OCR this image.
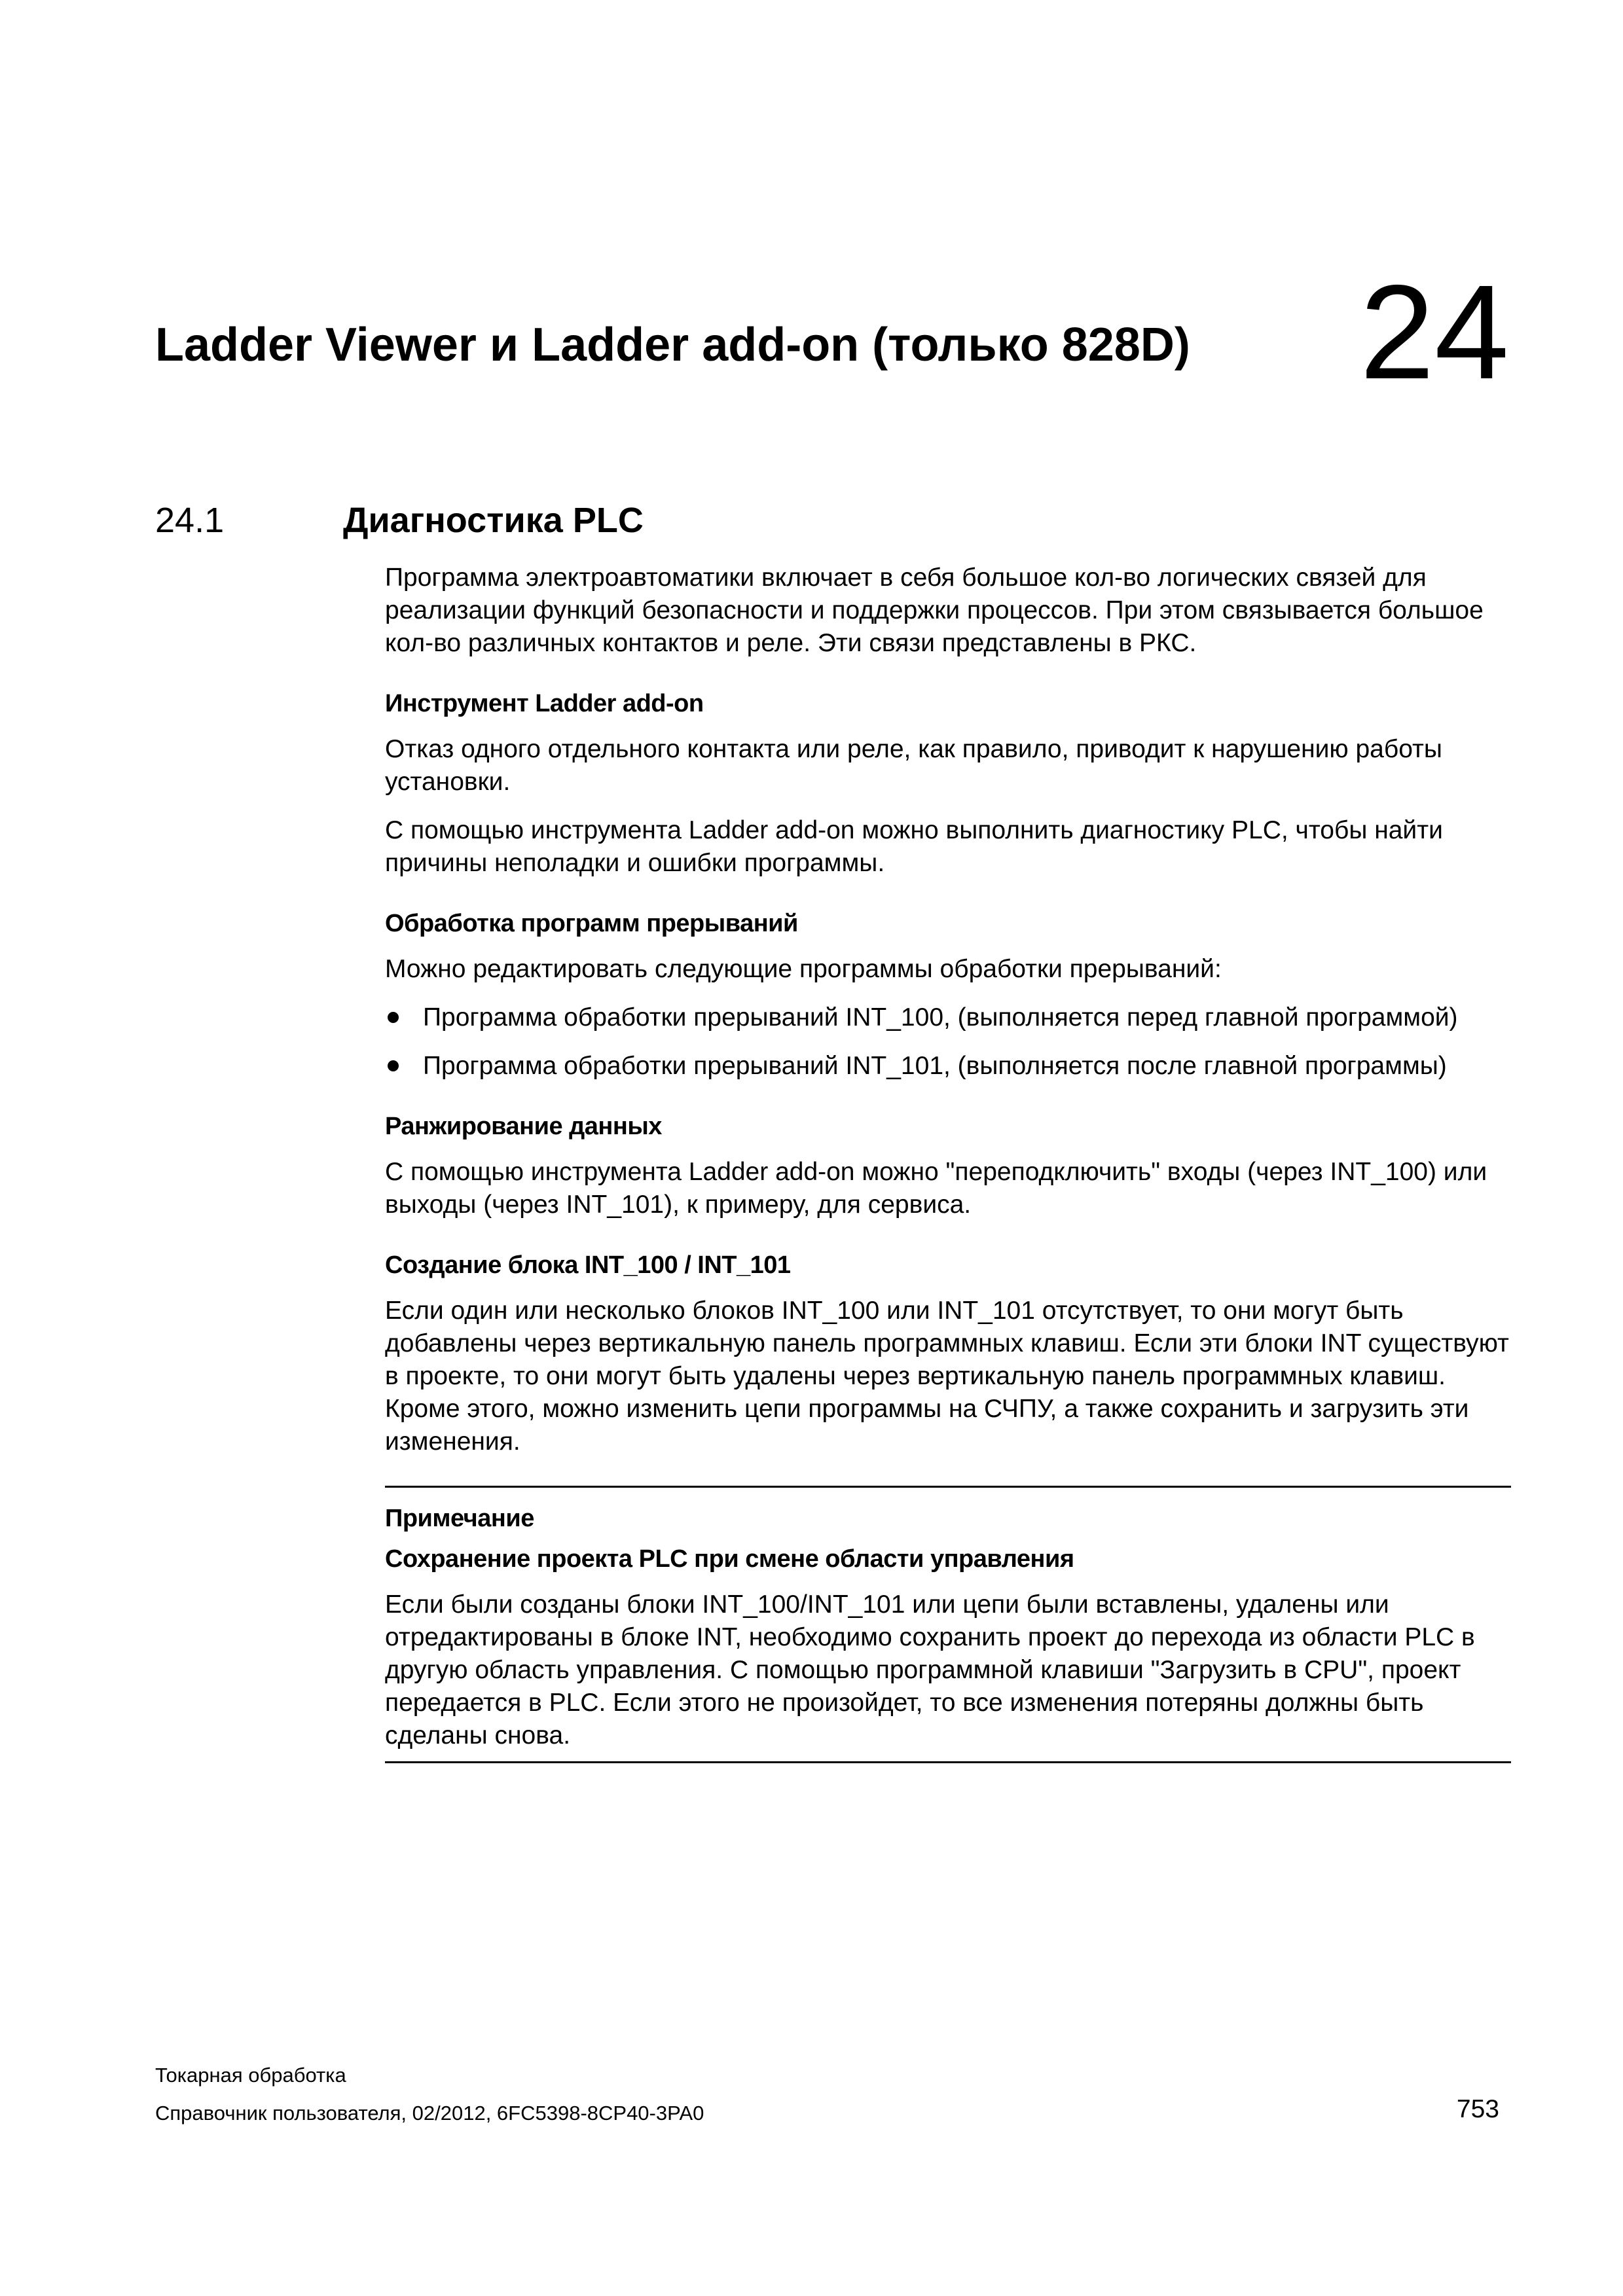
Ladder Viewer и Ladder add-on (только 828D) 24
24.1	Диагностика PLC

Программа электроавтоматики включает в себя большое кол-во логических связей для реализации функций безопасности и поддержки процессов. При этом связывается большое кол-во различных контактов и реле. Эти связи представлены в РКС.

Инструмент Ladder add-on

Отказ одного отдельного контакта или реле, как правило, приводит к нарушению работы установки.

С помощью инструмента Ladder add-on можно выполнить диагностику PLC, чтобы найти причины неполадки и ошибки программы.

Обработка программ прерываний

Можно редактировать следующие программы обработки прерываний:

Программа обработки прерываний INT_100, (выполняется перед главной программой)
Программа обработки прерываний INT_101, (выполняется после главной программы)
Ранжирование данных

С помощью инструмента Ladder add-on можно "переподключить" входы (через INT_100) или выходы (через INT_101), к примеру, для сервиса.

Создание блока INT_100 / INT_101

Если один или несколько блоков INT_100 или INT_101 отсутствует, то они могут быть добавлены через вертикальную панель программных клавиш. Если эти блоки INT существуют в проекте, то они могут быть удалены через вертикальную панель программных клавиш. Кроме этого, можно изменить цепи программы на СЧПУ, а также сохранить и загрузить эти изменения.

Примечание
Сохранение проекта PLC при смене области управления

Если были созданы блоки INT_100/INT_101 или цепи были вставлены, удалены или отредактированы в блоке INT, необходимо сохранить проект до перехода из области PLC в другую область управления. С помощью программной клавиши "Загрузить в CPU", проект передается в PLC. Если этого не произойдет, то все изменения потеряны должны быть сделаны снова.

Токарная обработка
Справочник пользователя, 02/2012, 6FC5398-8CP40-3PA0	753
